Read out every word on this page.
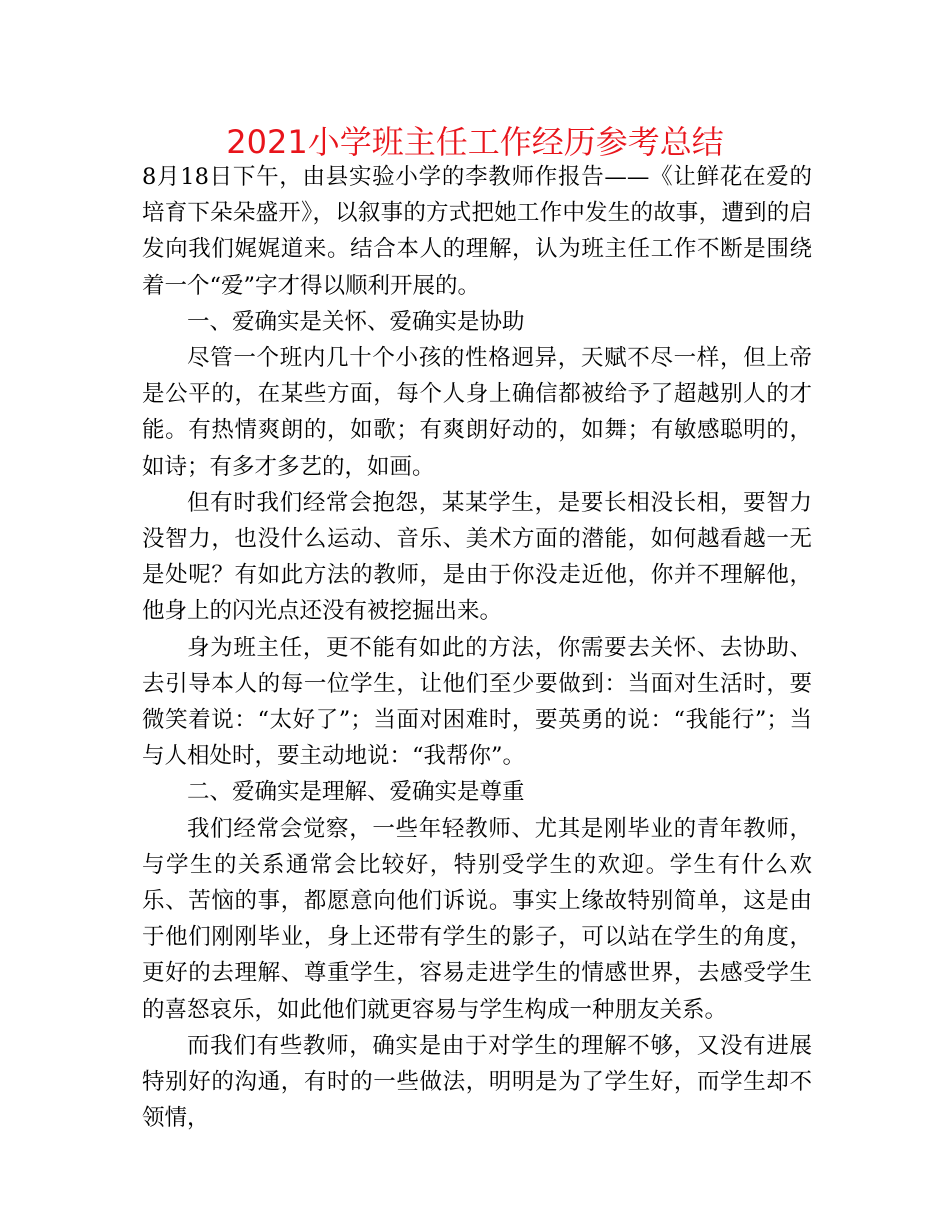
2021小学班主任工作经历参考总结

8月18日下午，由县实验小学的李教师作报告——《让鲜花在爱的培育下朵朵盛开》，以叙事的方式把她工作中发生的故事，遭到的启发向我们娓娓道来。结合本人的理解，认为班主任工作不断是围绕着一个“爱”字才得以顺利开展的。

一、爱确实是关怀、爱确实是协助

尽管一个班内几十个小孩的性格迥异，天赋不尽一样，但上帝是公平的，在某些方面，每个人身上确信都被给予了超越别人的才能。有热情爽朗的，如歌；有爽朗好动的，如舞；有敏感聪明的，如诗；有多才多艺的，如画。

但有时我们经常会抱怨，某某学生，是要长相没长相，要智力没智力，也没什么运动、音乐、美术方面的潜能，如何越看越一无是处呢？有如此方法的教师，是由于你没走近他，你并不理解他，他身上的闪光点还没有被挖掘出来。

身为班主任，更不能有如此的方法，你需要去关怀、去协助、去引导本人的每一位学生，让他们至少要做到：当面对生活时，要微笑着说：“太好了”；当面对困难时，要英勇的说：“我能行”；当与人相处时，要主动地说：“我帮你”。

二、爱确实是理解、爱确实是尊重

我们经常会觉察，一些年轻教师、尤其是刚毕业的青年教师，与学生的关系通常会比较好，特别受学生的欢迎。学生有什么欢乐、苦恼的事，都愿意向他们诉说。事实上缘故特别简单，这是由于他们刚刚毕业，身上还带有学生的影子，可以站在学生的角度，更好的去理解、尊重学生，容易走进学生的情感世界，去感受学生的喜怒哀乐，如此他们就更容易与学生构成一种朋友关系。

而我们有些教师，确实是由于对学生的理解不够，又没有进展特别好的沟通，有时的一些做法，明明是为了学生好，而学生却不领情，
